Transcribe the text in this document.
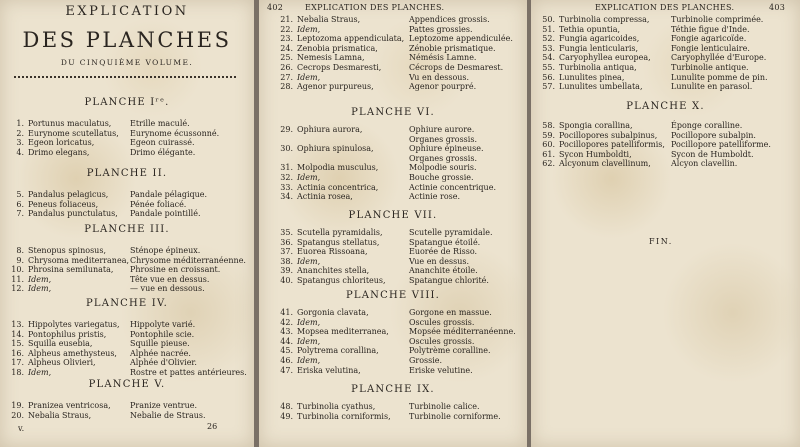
EXPLICATION
DES PLANCHES
DU CINQUIÈME VOLUME.
PLANCHE Iʳᵉ.
1. Portunus maculatus, Etrille maculé.
2. Eurynome scutellatus, Eurynome écussonné.
3. Egeon loricatus,	Egeon cuirassé.
4. Drimo elegans,	Drimo élégante.
PLANCHE II.
5. Pandalus pelagicus,	Pandale pélagique.
6. Peneus foliaceus,	Pénée foliacé.
7. Pandalus punctulatus, Pandale pointillé.
PLANCHE III.
8. Stenopus spinosus,	Sténope épineux.
9. Chrysoma mediterranea, Chrysome méditerranéenne.
10. Phrosina semilunata, Phrosine en croissant.
11. Idem,	Tête vue en dessus.
12. Idem,	— vue en dessous.
PLANCHE IV.
13. Hippolytes variegatus, Hippolyte varié.
14. Pontophilus pristis,	Pontophile scie.
15. Squilla eusebia,	Squille pieuse.
16. Alpheus amethysteus, Alphée nacrée.
17. Alpheus Olivieri,	Alphée d'Olivier.
18. Idem,	Rostre et pattes antérieures.
PLANCHE V.
19. Pranizea ventricosa, Pranize ventrue.
20. Nebalia Straus,	Nebalie de Straus.
v.	26
402	EXPLICATION DES PLANCHES.
21. Nebalia Straus,	Appendices grossis.
22. Idem,	Pattes grossies.
23. Leptozoma appendiculata, Leptozome appendiculée.
24. Zenobia prismatica,	Zénobie prismatique.
25. Nemesis Lamna,	Némésis Lamne.
26. Cecrops Desmaresti,	Cécrops de Desmarest.
27. Idem,	Vu en dessous.
28. Agenor purpureus,	Agenor pourpré.
PLANCHE VI.
29. Ophiura aurora,	Ophiure aurore.
Organes grossis.
30. Ophiura spinulosa,	Ophiure épineuse.
Organes grossis.
31. Molpodia musculus,	Molpodie souris.
32. Idem,	Bouche grossie.
33. Actinia concentrica,	Actinie concentrique.
34. Actinia rosea,	Actinie rose.
PLANCHE VII.
35. Scutella pyramidalis,	Scutelle pyramidale.
36. Spatangus stellatus,	Spatangue étoilé.
37. Euorea Rissoana,	Euorée de Risso.
38. Idem,	Vue en dessus.
39. Ananchites stella,	Ananchite étoile.
40. Spatangus chloriteus,	Spatangue chlorité.
PLANCHE VIII.
41. Gorgonia clavata,	Gorgone en massue.
42. Idem,	Oscules grossis.
43. Mopsea mediterranea,	Mopsée méditerranéenne.
44. Idem,	Oscules grossis.
45. Polytrema corallina,	Polytrème coralline.
46. Idem,	Grossie.
47. Eriska velutina,	Eriske velutine.
PLANCHE IX.
48. Turbinolia cyathus,	Turbinolie calice.
49. Turbinolia corniformis, Turbinolie corniforme.
EXPLICATION DES PLANCHES.	403
50. Turbinolia compressa,	Turbinolie comprimée.
51. Tethia opuntia,	Téthie figue d'Inde.
52. Fungia agaricoides,	Fongie agaricoïde.
53. Fungia lenticularis,	Fongie lenticulaire.
54. Caryophyllea europea,	Caryophyllée d'Europe.
55. Turbinolia antiqua,	Turbinolie antique.
56. Lunulites pinea,	Lunulite pomme de pin.
57. Lunulites umbellata,	Lunulite en parasol.
PLANCHE X.
58. Spongia corallina,	Éponge coralline.
59. Pocillopores subalpinus, Pocillopore subalpin.
60. Pocillopores patelliformis, Pocillopore patelliforme.
61. Sycon Humboldti,	Sycon de Humboldt.
62. Alcyonum clavellinum,	Alcyon clavellin.
FIN.
